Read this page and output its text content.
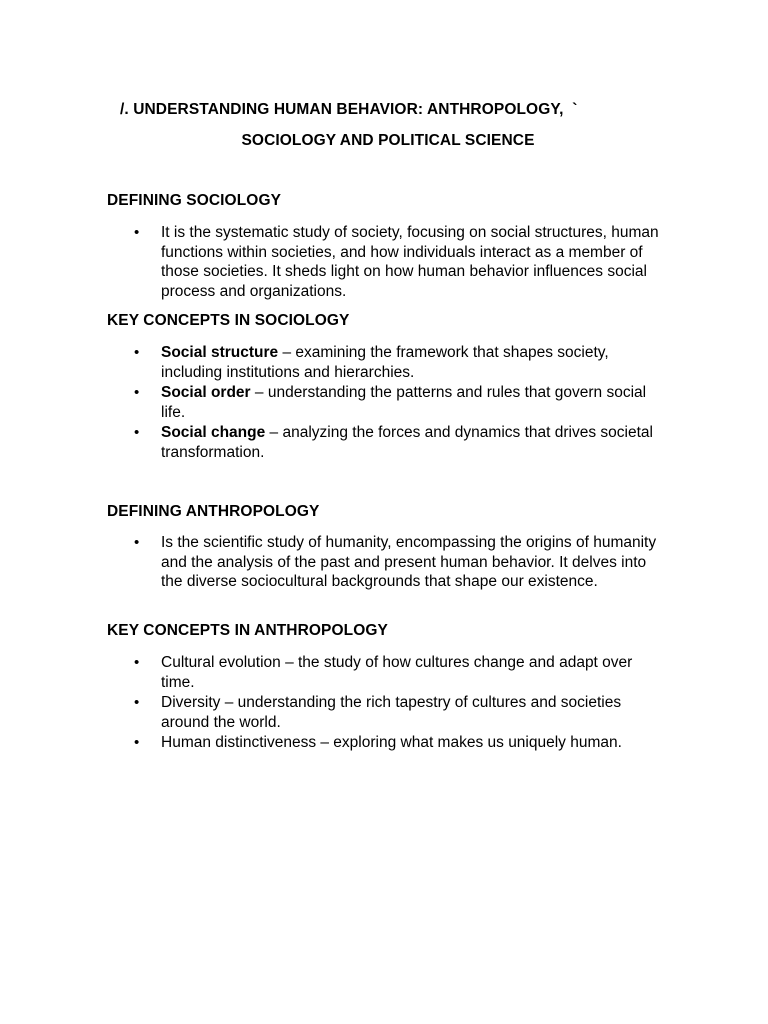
/. UNDERSTANDING HUMAN BEHAVIOR: ANTHROPOLOGY,  `
SOCIOLOGY AND POLITICAL SCIENCE
DEFINING SOCIOLOGY
• It is the systematic study of society, focusing on social structures, human functions within societies, and how individuals interact as a member of those societies. It sheds light on how human behavior influences social process and organizations.
KEY CONCEPTS IN SOCIOLOGY
• Social structure – examining the framework that shapes society, including institutions and hierarchies.
• Social order – understanding the patterns and rules that govern social life.
• Social change – analyzing the forces and dynamics that drives societal transformation.
DEFINING ANTHROPOLOGY
• Is the scientific study of humanity, encompassing the origins of humanity and the analysis of the past and present human behavior. It delves into the diverse sociocultural backgrounds that shape our existence.
KEY CONCEPTS IN ANTHROPOLOGY
• Cultural evolution – the study of how cultures change and adapt over time.
• Diversity – understanding the rich tapestry of cultures and societies around the world.
• Human distinctiveness – exploring what makes us uniquely human.
